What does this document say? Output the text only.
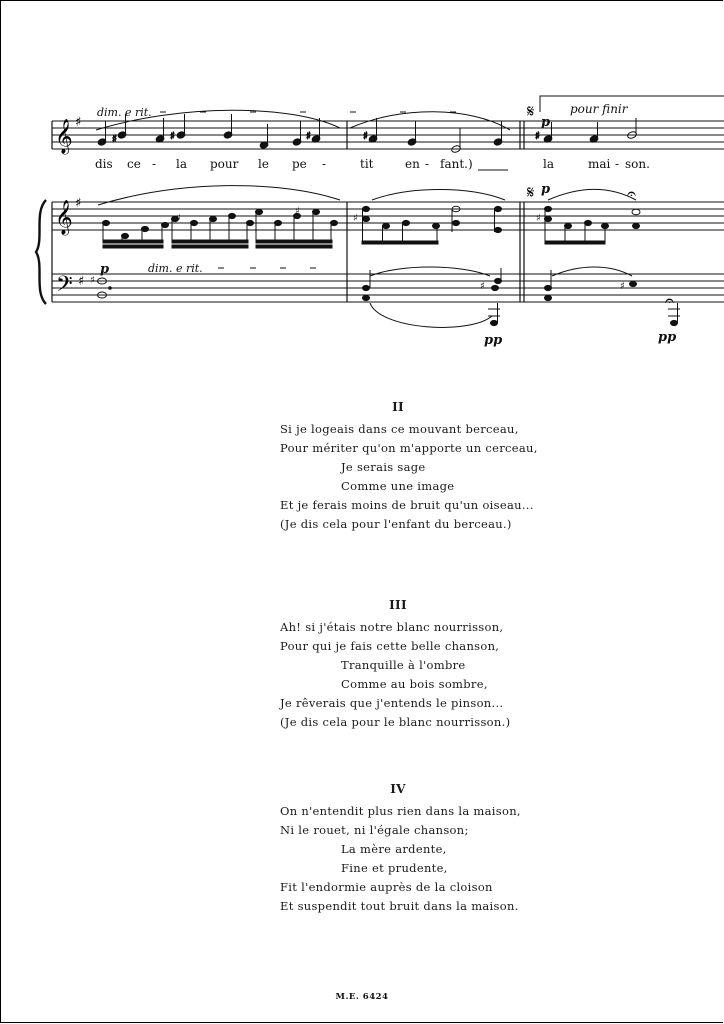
𝄞
𝄞
𝄢
♯
♯
♯
𝄋
𝄋
pour finir
dim. e rit.
p
♯	♯	♯	♯	♯
dis ce - la pour le pe -	tit	en - fant.)	la	mai - son.
♯
♯
♯
𝄐
♯
p	dim. e rit.
p
♯
♯	♯
𝄐
pp	pp
II
Si je logeais dans ce mouvant berceau,
Pour mériter qu'on m'apporte un cerceau,
Je serais sage
Comme une image
Et je ferais moins de bruit qu'un oiseau...
(Je dis cela pour l'enfant du berceau.)
III
Ah! si j'étais notre blanc nourrisson,
Pour qui je fais cette belle chanson,
Tranquille à l'ombre
Comme au bois sombre,
Je rêverais que j'entends le pinson...
(Je dis cela pour le blanc nourrisson.)
IV
On n'entendit plus rien dans la maison,
Ni le rouet, ni l'égale chanson;
La mère ardente,
Fine et prudente,
Fit l'endormie auprès de la cloison
Et suspendit tout bruit dans la maison.
M.E. 6424
